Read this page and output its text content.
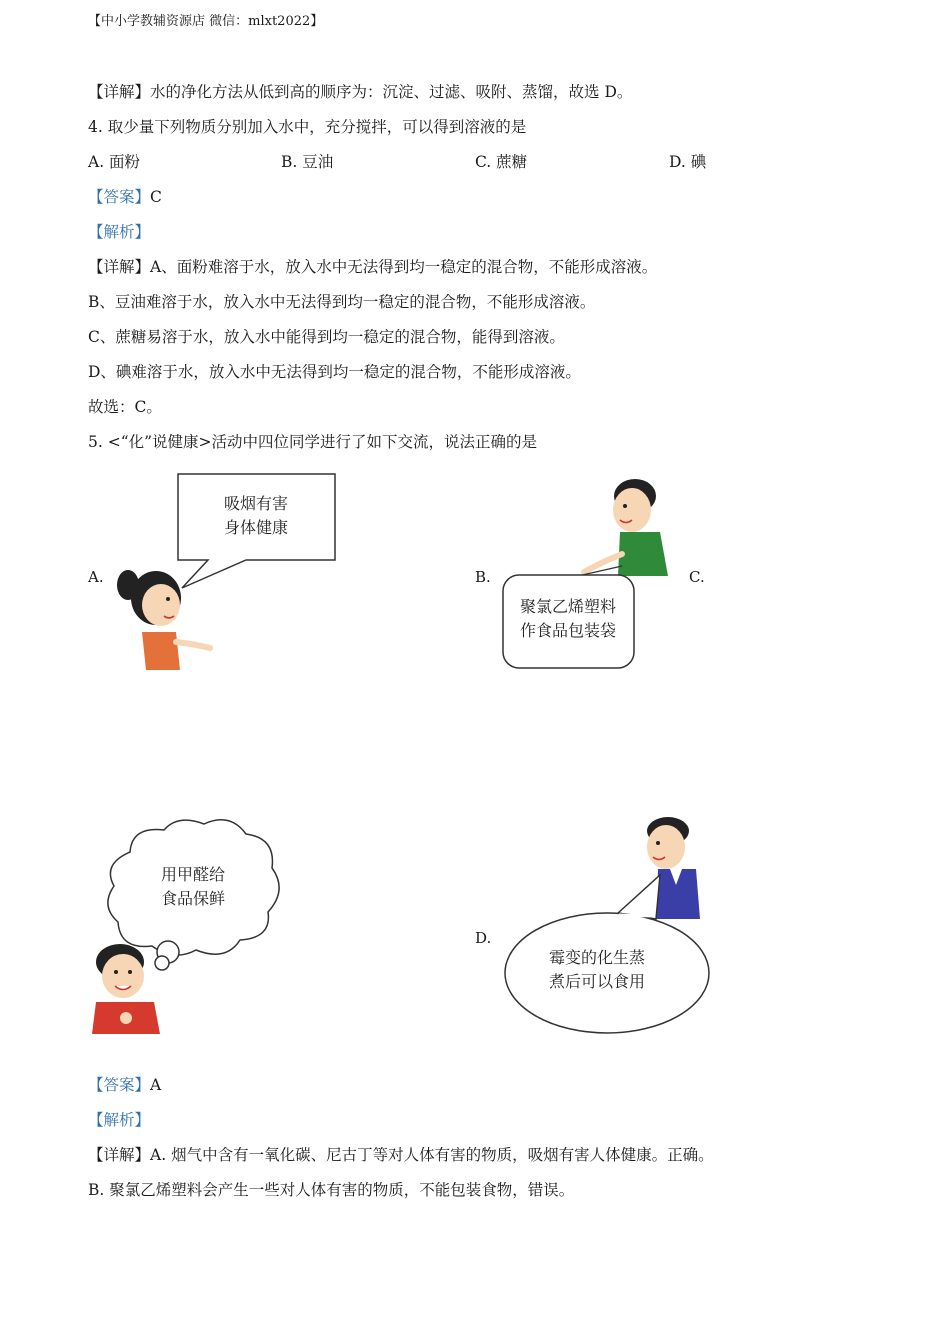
【中小学教辅资源店 微信：mlxt2022】
【详解】水的净化方法从低到高的顺序为：沉淀、过滤、吸附、蒸馏，故选 D。
4. 取少量下列物质分别加入水中，充分搅拌，可以得到溶液的是
A. 面粉	B. 豆油	C. 蔗糖	D. 碘
【答案】C
【解析】
【详解】A、面粉难溶于水，放入水中无法得到均一稳定的混合物，不能形成溶液。
B、豆油难溶于水，放入水中无法得到均一稳定的混合物，不能形成溶液。
C、蔗糖易溶于水，放入水中能得到均一稳定的混合物，能得到溶液。
D、碘难溶于水，放入水中无法得到均一稳定的混合物，不能形成溶液。
故选：C。
5. <“化”说健康>活动中四位同学进行了如下交流，说法正确的是
A.	B.	C.
D.
吸烟有害
身体健康
聚氯乙烯塑料
作食品包装袋
用甲醛给
食品保鲜
霉变的化生蒸
煮后可以食用
【答案】A
【解析】
【详解】A. 烟气中含有一氧化碳、尼古丁等对人体有害的物质，吸烟有害人体健康。正确。
B. 聚氯乙烯塑料会产生一些对人体有害的物质，不能包装食物，错误。
